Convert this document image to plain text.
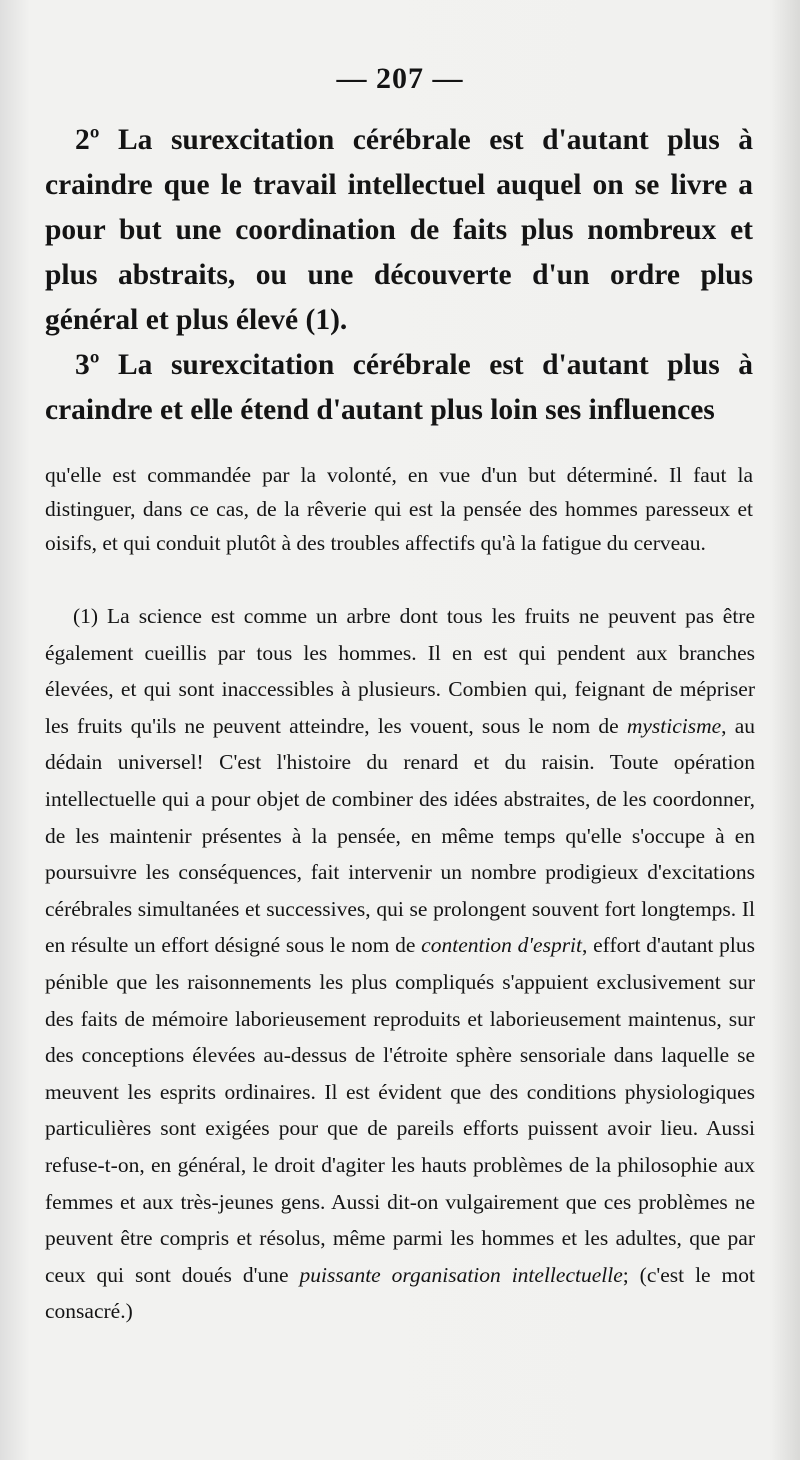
— 207 —

2º La surexcitation cérébrale est d'autant plus à craindre que le travail intellectuel auquel on se livre a pour but une coordination de faits plus nombreux et plus abstraits, ou une découverte d'un ordre plus général et plus élevé (1).

3º La surexcitation cérébrale est d'autant plus à craindre et elle étend d'autant plus loin ses influences

qu'elle est commandée par la volonté, en vue d'un but déterminé. Il faut la distinguer, dans ce cas, de la rêverie qui est la pensée des hommes paresseux et oisifs, et qui conduit plutôt à des troubles affectifs qu'à la fatigue du cerveau.

(1) La science est comme un arbre dont tous les fruits ne peuvent pas être également cueillis par tous les hommes. Il en est qui pendent aux branches élevées, et qui sont inaccessibles à plusieurs. Combien qui, feignant de mépriser les fruits qu'ils ne peuvent atteindre, les vouent, sous le nom de mysticisme, au dédain universel! C'est l'histoire du renard et du raisin. Toute opération intellectuelle qui a pour objet de combiner des idées abstraites, de les coordonner, de les maintenir présentes à la pensée, en même temps qu'elle s'occupe à en poursuivre les conséquences, fait intervenir un nombre prodigieux d'excitations cérébrales simultanées et successives, qui se prolongent souvent fort longtemps. Il en résulte un effort désigné sous le nom de contention d'esprit, effort d'autant plus pénible que les raisonnements les plus compliqués s'appuient exclusivement sur des faits de mémoire laborieusement reproduits et laborieusement maintenus, sur des conceptions élevées au-dessus de l'étroite sphère sensoriale dans laquelle se meuvent les esprits ordinaires. Il est évident que des conditions physiologiques particulières sont exigées pour que de pareils efforts puissent avoir lieu. Aussi refuse-t-on, en général, le droit d'agiter les hauts problèmes de la philosophie aux femmes et aux très-jeunes gens. Aussi dit-on vulgairement que ces problèmes ne peuvent être compris et résolus, même parmi les hommes et les adultes, que par ceux qui sont doués d'une puissante organisation intellectuelle; (c'est le mot consacré.)
